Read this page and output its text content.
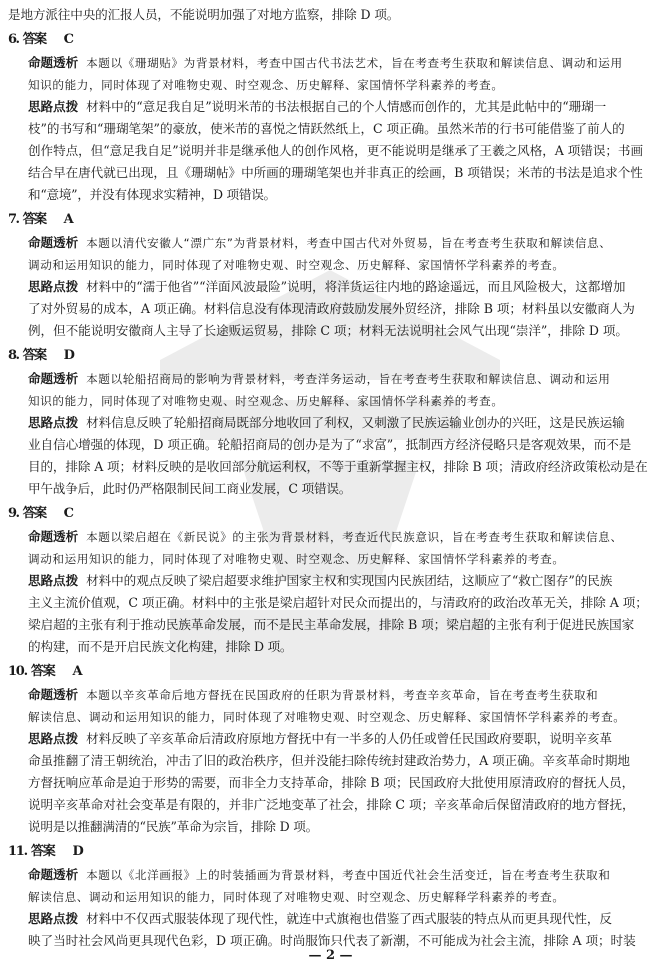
是地方派往中央的汇报人员，不能说明加强了对地方监察，排除 D 项。
6. 答案 C
命题透析 本题以《珊瑚贴》为背景材料，考查中国古代书法艺术，旨在考查考生获取和解读信息、调动和运用
知识的能力，同时体现了对唯物史观、时空观念、历史解释、家国情怀学科素养的考查。
思路点拨 材料中的“意足我自足”说明米芾的书法根据自己的个人情感而创作的，尤其是此帖中的“珊瑚一
枝”的书写和“珊瑚笔架”的豪放，使米芾的喜悦之情跃然纸上，C 项正确。虽然米芾的行书可能借鉴了前人的
创作特点，但“意足我自足”说明并非是继承他人的创作风格，更不能说明是继承了王羲之风格，A 项错误；书画
结合早在唐代就已出现，且《珊瑚帖》中所画的珊瑚笔架也并非真正的绘画，B 项错误；米芾的书法是追求个性
和“意境”，并没有体现求实精神，D 项错误。
7. 答案 A
命题透析 本题以清代安徽人“漂广东”为背景材料，考查中国古代对外贸易，旨在考查考生获取和解读信息、
调动和运用知识的能力，同时体现了对唯物史观、时空观念、历史解释、家国情怀学科素养的考查。
思路点拨 材料中的“濡于他省”“洋面风波最险”说明，将洋货运往内地的路途遥远，而且风险极大，这都增加
了对外贸易的成本，A 项正确。材料信息没有体现清政府鼓励发展外贸经济，排除 B 项；材料虽以安徽商人为
例，但不能说明安徽商人主导了长途贩运贸易，排除 C 项；材料无法说明社会风气出现“崇洋”，排除 D 项。
8. 答案 D
命题透析 本题以轮船招商局的影响为背景材料，考查洋务运动，旨在考查考生获取和解读信息、调动和运用
知识的能力，同时体现了对唯物史观、时空观念、历史解释、家国情怀学科素养的考查。
思路点拨 材料信息反映了轮船招商局既部分地收回了利权，又刺激了民族运输业创办的兴旺，这是民族运输
业自信心增强的体现，D 项正确。轮船招商局的创办是为了“求富”，抵制西方经济侵略只是客观效果，而不是
目的，排除 A 项；材料反映的是收回部分航运利权，不等于重新掌握主权，排除 B 项；清政府经济政策松动是在
甲午战争后，此时仍严格限制民间工商业发展，C 项错误。
9. 答案 C
命题透析 本题以梁启超在《新民说》的主张为背景材料，考查近代民族意识，旨在考查考生获取和解读信息、
调动和运用知识的能力，同时体现了对唯物史观、时空观念、历史解释、家国情怀学科素养的考查。
思路点拨 材料中的观点反映了梁启超要求维护国家主权和实现国内民族团结，这顺应了“救亡图存”的民族
主义主流价值观，C 项正确。材料中的主张是梁启超针对民众而提出的，与清政府的政治改革无关，排除 A 项；
梁启超的主张有利于推动民族革命发展，而不是民主革命发展，排除 B 项；梁启超的主张有利于促进民族国家
的构建，而不是开启民族文化构建，排除 D 项。
10. 答案 A
命题透析 本题以辛亥革命后地方督抚在民国政府的任职为背景材料，考查辛亥革命，旨在考查考生获取和
解读信息、调动和运用知识的能力，同时体现了对唯物史观、时空观念、历史解释、家国情怀学科素养的考查。
思路点拨 材料反映了辛亥革命后清政府原地方督抚中有一半多的人仍任或曾任民国政府要职，说明辛亥革
命虽推翻了清王朝统治，冲击了旧的政治秩序，但并没能扫除传统封建政治势力，A 项正确。辛亥革命时期地
方督抚响应革命是迫于形势的需要，而非全力支持革命，排除 B 项；民国政府大批使用原清政府的督抚人员，
说明辛亥革命对社会变革是有限的，并非广泛地变革了社会，排除 C 项；辛亥革命后保留清政府的地方督抚，
说明是以推翻满清的“民族”革命为宗旨，排除 D 项。
11. 答案 D
命题透析 本题以《北洋画报》上的时装插画为背景材料，考查中国近代社会生活变迁，旨在考查考生获取和
解读信息、调动和运用知识的能力，同时体现了对唯物史观、时空观念、历史解释学科素养的考查。
思路点拨 材料中不仅西式服装体现了现代性，就连中式旗袍也借鉴了西式服装的特点从而更具现代性，反
映了当时社会风尚更具现代色彩，D 项正确。时尚服饰只代表了新潮，不可能成为社会主流，排除 A 项；时装
— 2 —
